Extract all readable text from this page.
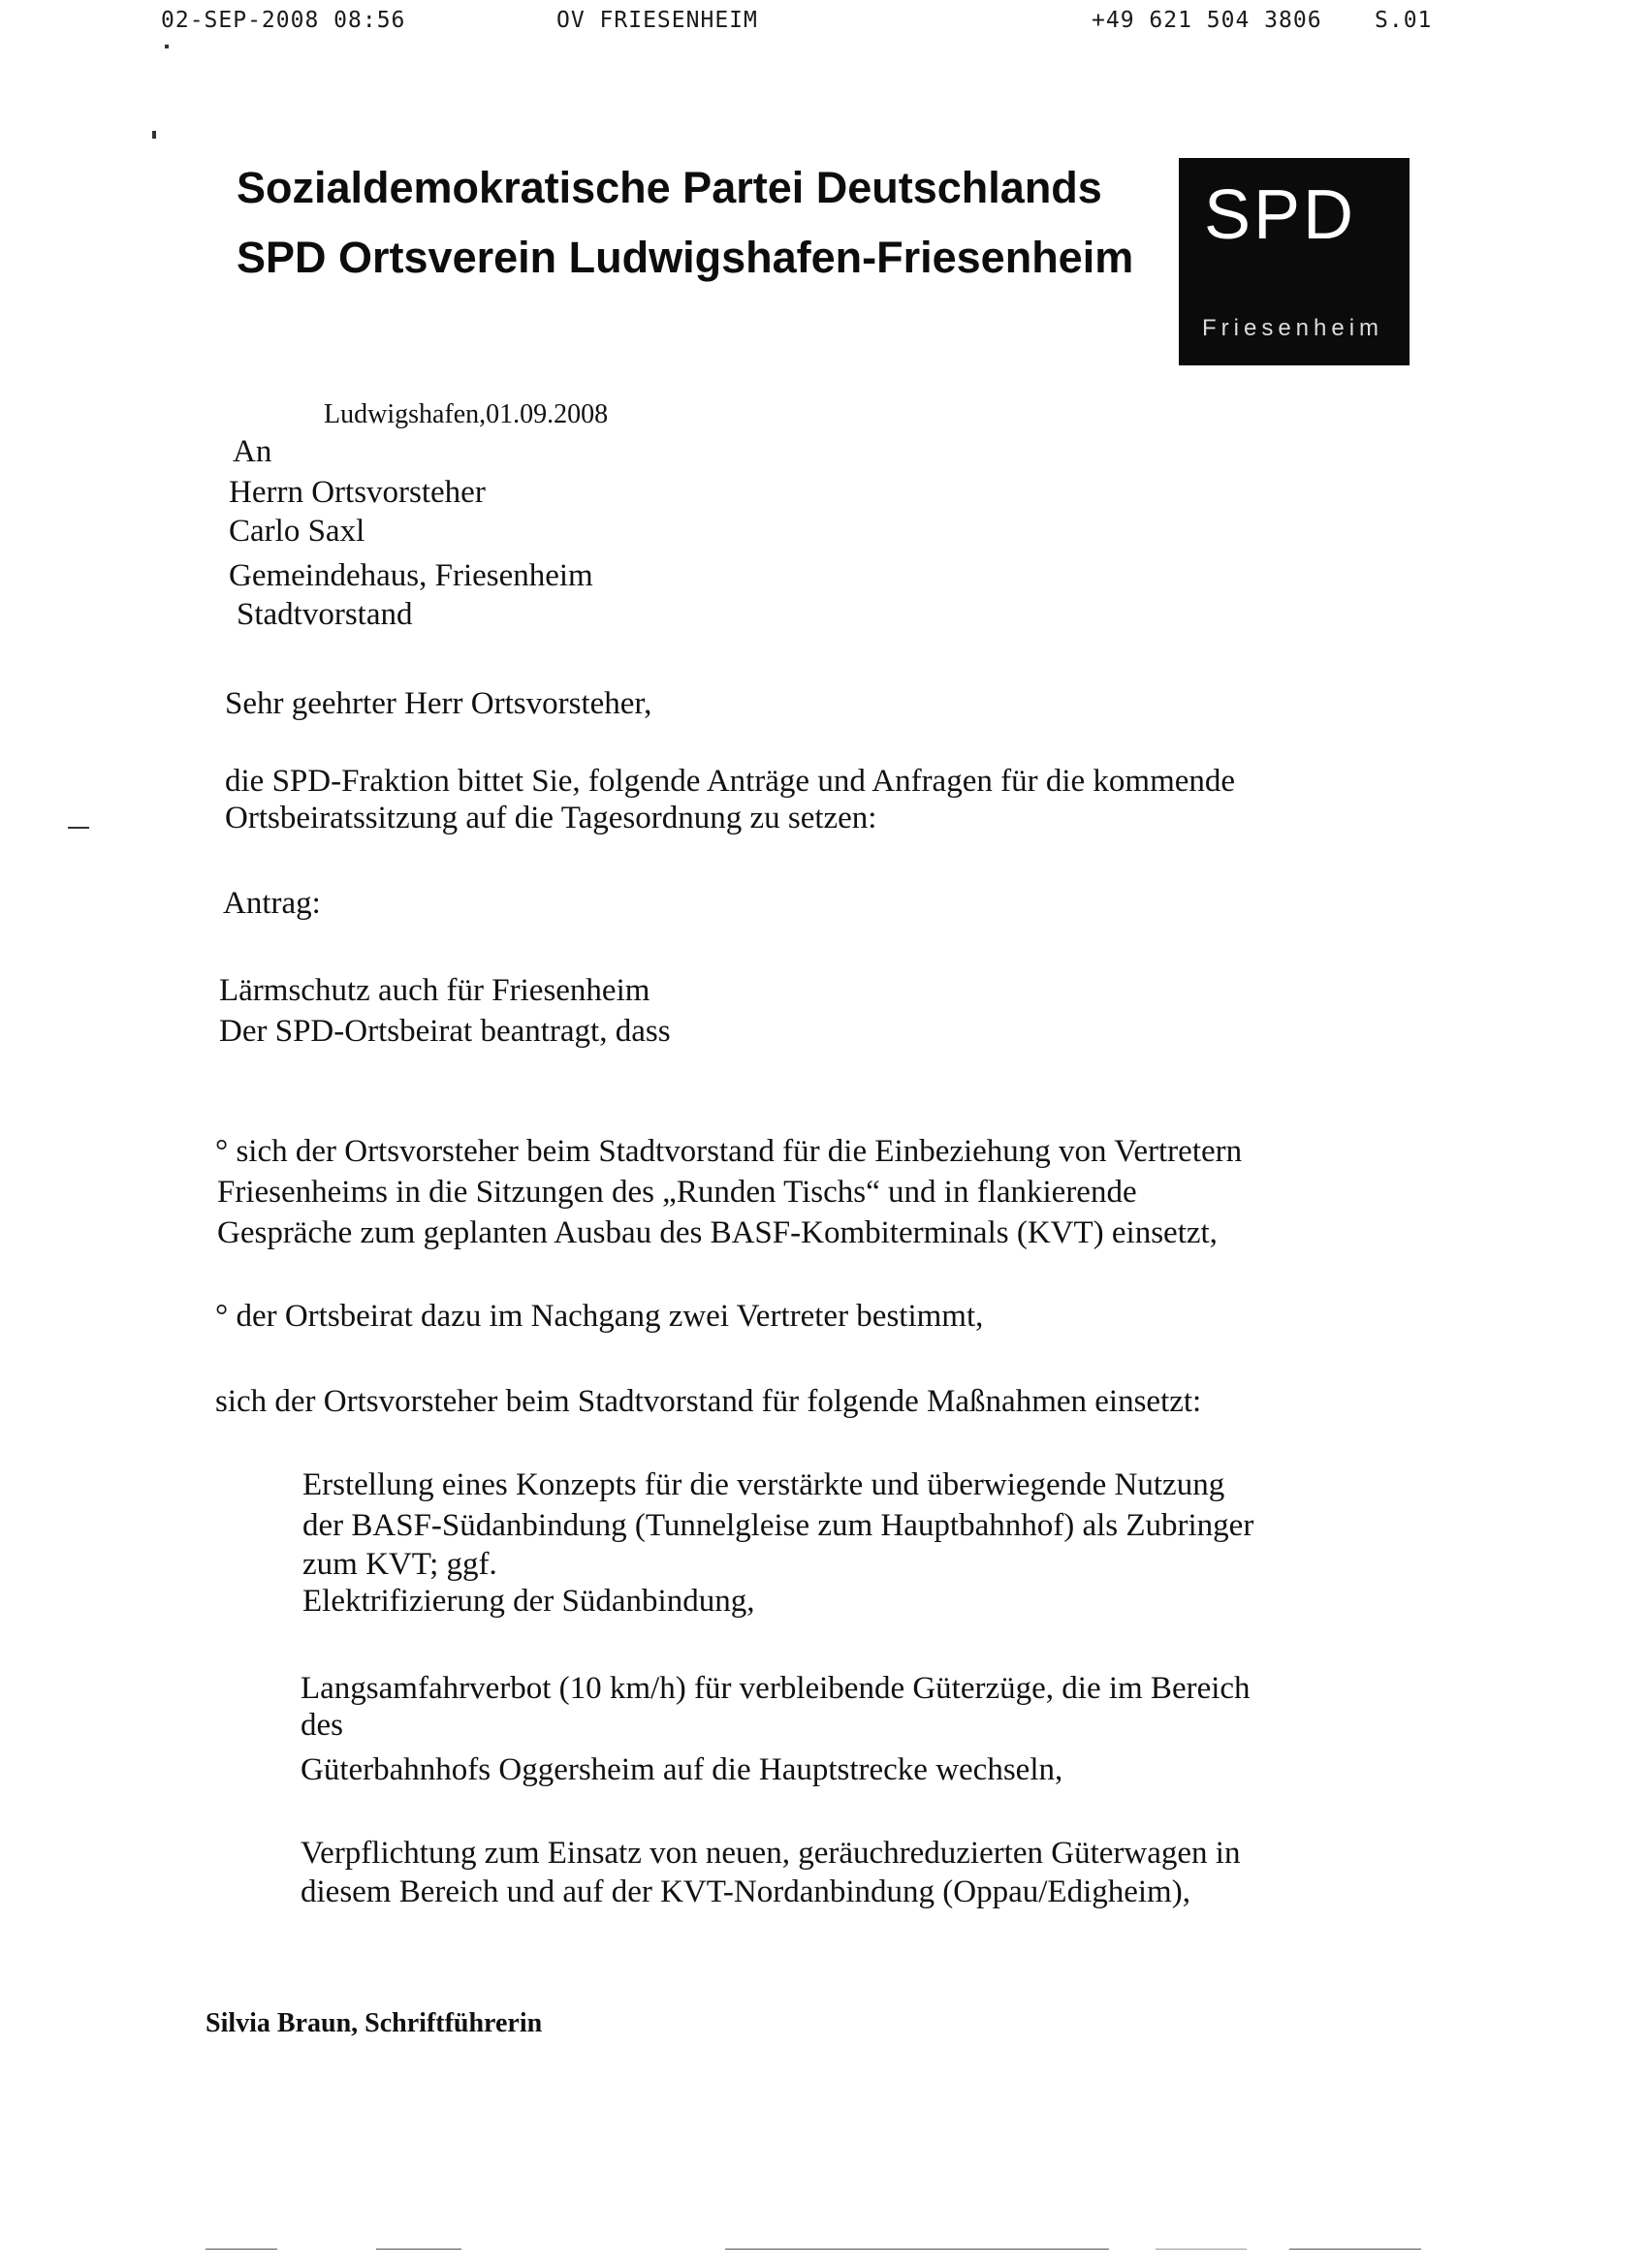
02-SEP-2008 08:56	OV FRIESENHEIM	+49 621 504 3806 S.01
Sozialdemokratische Partei Deutschlands
SPD Ortsverein Ludwigshafen-Friesenheim
SPD
Friesenheim
Ludwigshafen,01.09.2008
An
Herrn Ortsvorsteher
Carlo Saxl
Gemeindehaus, Friesenheim
Stadtvorstand
Sehr geehrter Herr Ortsvorsteher,
die SPD-Fraktion bittet Sie, folgende Anträge und Anfragen für die kommende
Ortsbeiratssitzung auf die Tagesordnung zu setzen:
Antrag:
Lärmschutz auch für Friesenheim
Der SPD-Ortsbeirat beantragt, dass
° sich der Ortsvorsteher beim Stadtvorstand für die Einbeziehung von Vertretern
Friesenheims in die Sitzungen des „Runden Tischs“ und in flankierende
Gespräche zum geplanten Ausbau des BASF-Kombiterminals (KVT) einsetzt,
° der Ortsbeirat dazu im Nachgang zwei Vertreter bestimmt,
sich der Ortsvorsteher beim Stadtvorstand für folgende Maßnahmen einsetzt:
Erstellung eines Konzepts für die verstärkte und überwiegende Nutzung
der BASF-Südanbindung (Tunnelgleise zum Hauptbahnhof) als Zubringer
zum KVT; ggf.
Elektrifizierung der Südanbindung,
Langsamfahrverbot (10 km/h) für verbleibende Güterzüge, die im Bereich
des
Güterbahnhofs Oggersheim auf die Hauptstrecke wechseln,
Verpflichtung zum Einsatz von neuen, geräuchreduzierten Güterwagen in
diesem Bereich und auf der KVT-Nordanbindung (Oppau/Edigheim),
Silvia Braun, Schriftführerin
